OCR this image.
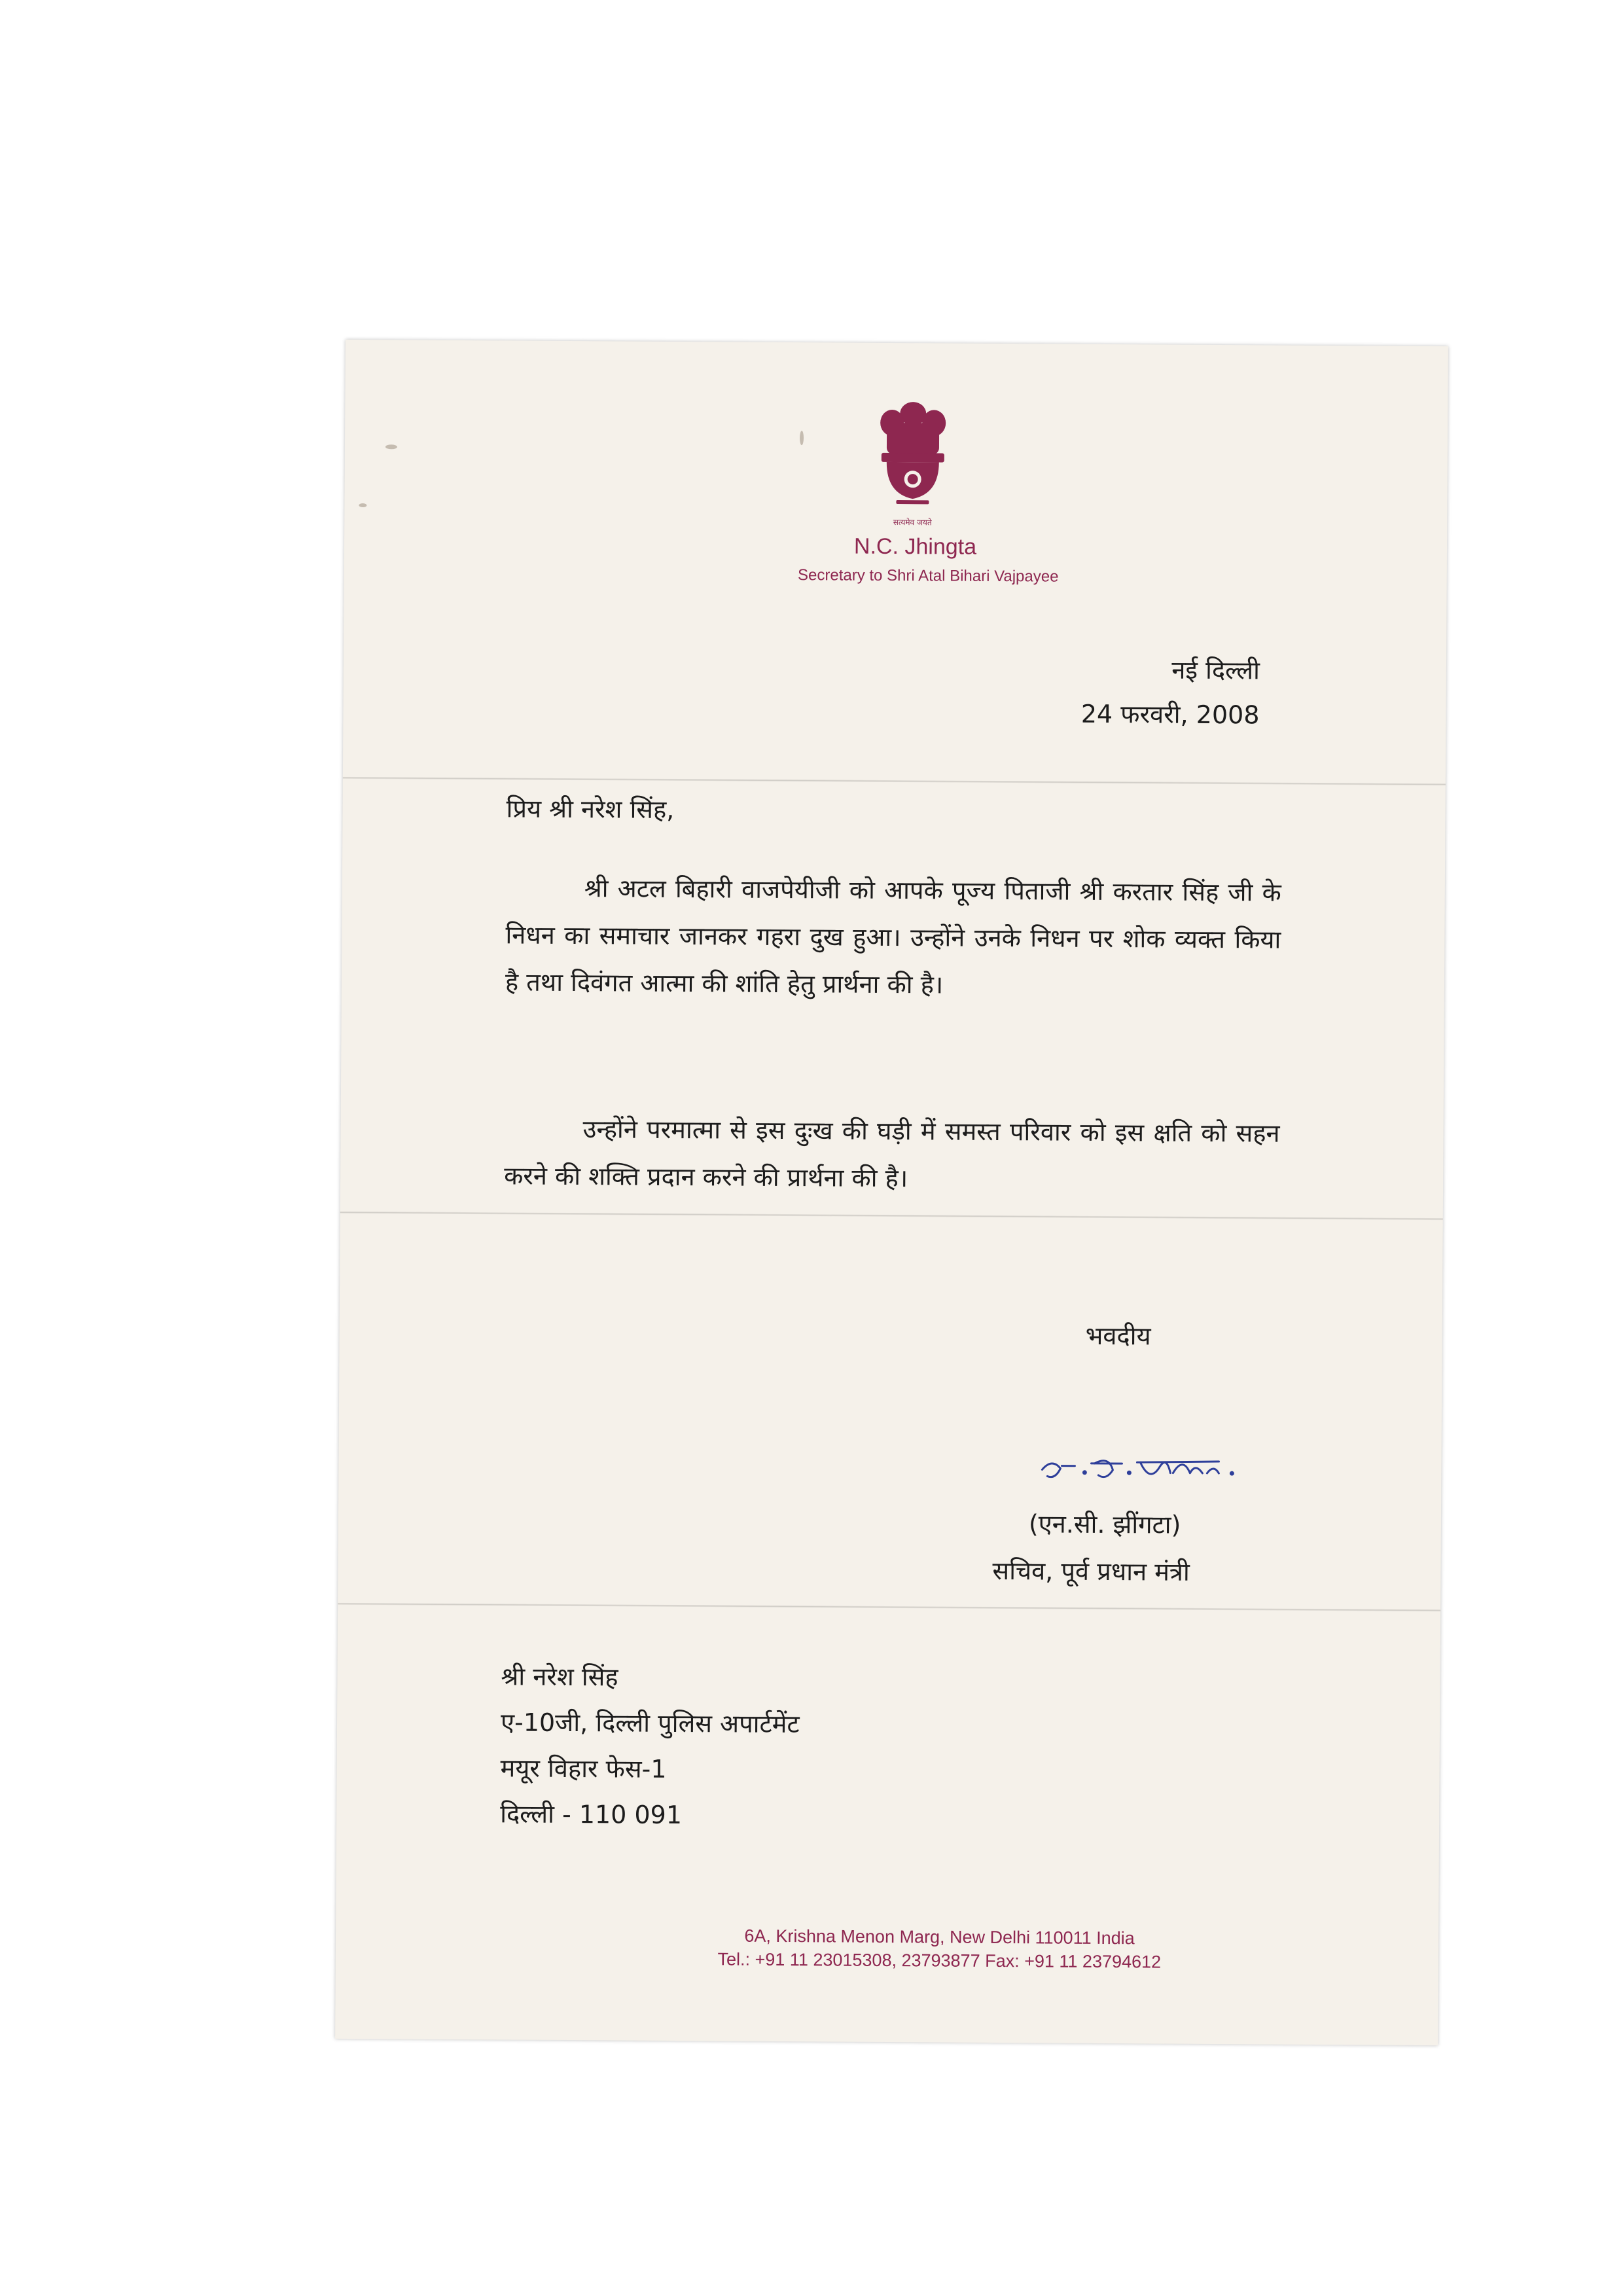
सत्यमेव जयते
N.C. Jhingta
Secretary to Shri Atal Bihari Vajpayee
नई दिल्ली
24 फरवरी, 2008
प्रिय श्री नरेश सिंह,
श्री अटल बिहारी वाजपेयीजी को आपके पूज्य पिताजी श्री करतार सिंह जी के निधन का समाचार जानकर गहरा दुख हुआ। उन्होंने उनके निधन पर शोक व्यक्त किया है तथा दिवंगत आत्मा की शांति हेतु प्रार्थना की है।
उन्होंने परमात्मा से इस दुःख की घड़ी में समस्त परिवार को इस क्षति को सहन करने की शक्ति प्रदान करने की प्रार्थना की है।
भवदीय
(एन.सी. झींगटा)
सचिव, पूर्व प्रधान मंत्री
श्री नरेश सिंह
ए-10जी, दिल्ली पुलिस अपार्टमेंट
मयूर विहार फेस-1
दिल्ली - 110 091
6A, Krishna Menon Marg, New Delhi 110011 India
Tel.: +91 11 23015308, 23793877 Fax: +91 11 23794612
